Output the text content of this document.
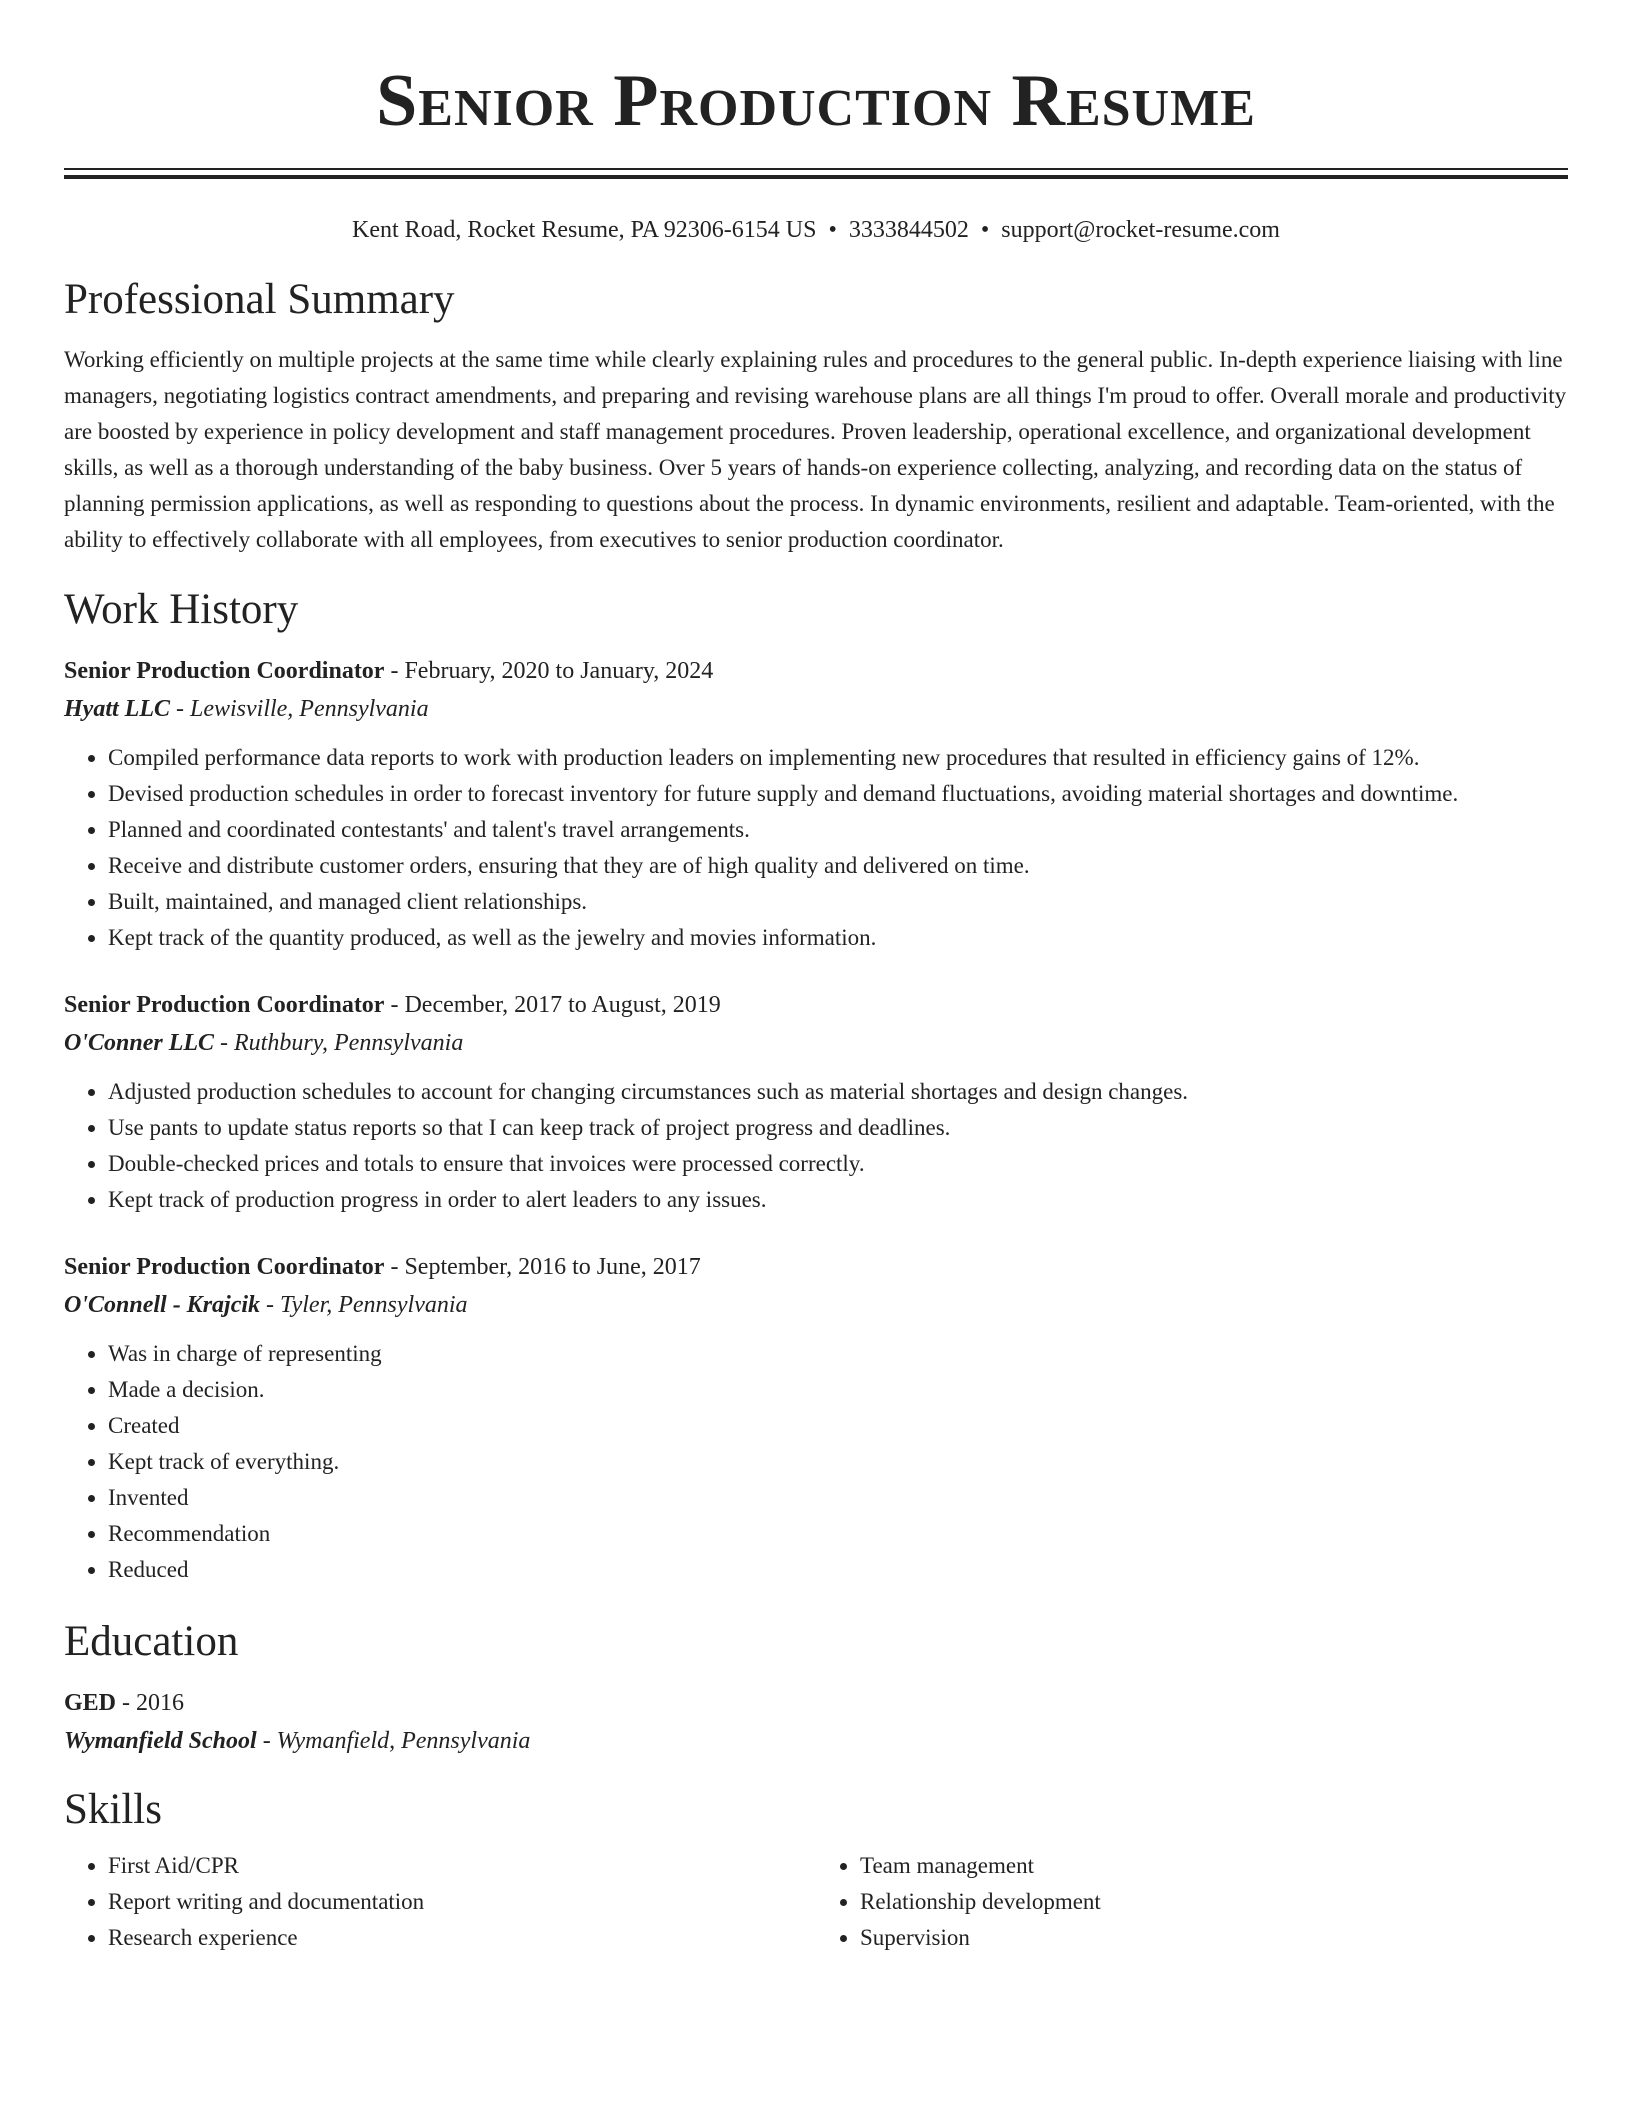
Senior Production Resume
Kent Road, Rocket Resume, PA 92306-6154 US • 3333844502 • support@rocket-resume.com
Professional Summary

Working efficiently on multiple projects at the same time while clearly explaining rules and procedures to the general public. In-depth experience liaising with line managers, negotiating logistics contract amendments, and preparing and revising warehouse plans are all things I'm proud to offer. Overall morale and productivity are boosted by experience in policy development and staff management procedures. Proven leadership, operational excellence, and organizational development skills, as well as a thorough understanding of the baby business. Over 5 years of hands-on experience collecting, analyzing, and recording data on the status of planning permission applications, as well as responding to questions about the process. In dynamic environments, resilient and adaptable. Team-oriented, with the ability to effectively collaborate with all employees, from executives to senior production coordinator.

Work History
Senior Production Coordinator - February, 2020 to January, 2024
Hyatt LLC - Lewisville, Pennsylvania
• Compiled performance data reports to work with production leaders on implementing new procedures that resulted in efficiency gains of 12%.
• Devised production schedules in order to forecast inventory for future supply and demand fluctuations, avoiding material shortages and downtime.
• Planned and coordinated contestants' and talent's travel arrangements.
• Receive and distribute customer orders, ensuring that they are of high quality and delivered on time.
• Built, maintained, and managed client relationships.
• Kept track of the quantity produced, as well as the jewelry and movies information.
Senior Production Coordinator - December, 2017 to August, 2019
O'Conner LLC - Ruthbury, Pennsylvania
• Adjusted production schedules to account for changing circumstances such as material shortages and design changes.
• Use pants to update status reports so that I can keep track of project progress and deadlines.
• Double-checked prices and totals to ensure that invoices were processed correctly.
• Kept track of production progress in order to alert leaders to any issues.
Senior Production Coordinator - September, 2016 to June, 2017
O'Connell - Krajcik - Tyler, Pennsylvania
• Was in charge of representing
• Made a decision.
• Created
• Kept track of everything.
• Invented
• Recommendation
• Reduced
Education
GED - 2016
Wymanfield School - Wymanfield, Pennsylvania
Skills
• First Aid/CPR
• Report writing and documentation
• Research experience
• Team management
• Relationship development
• Supervision
